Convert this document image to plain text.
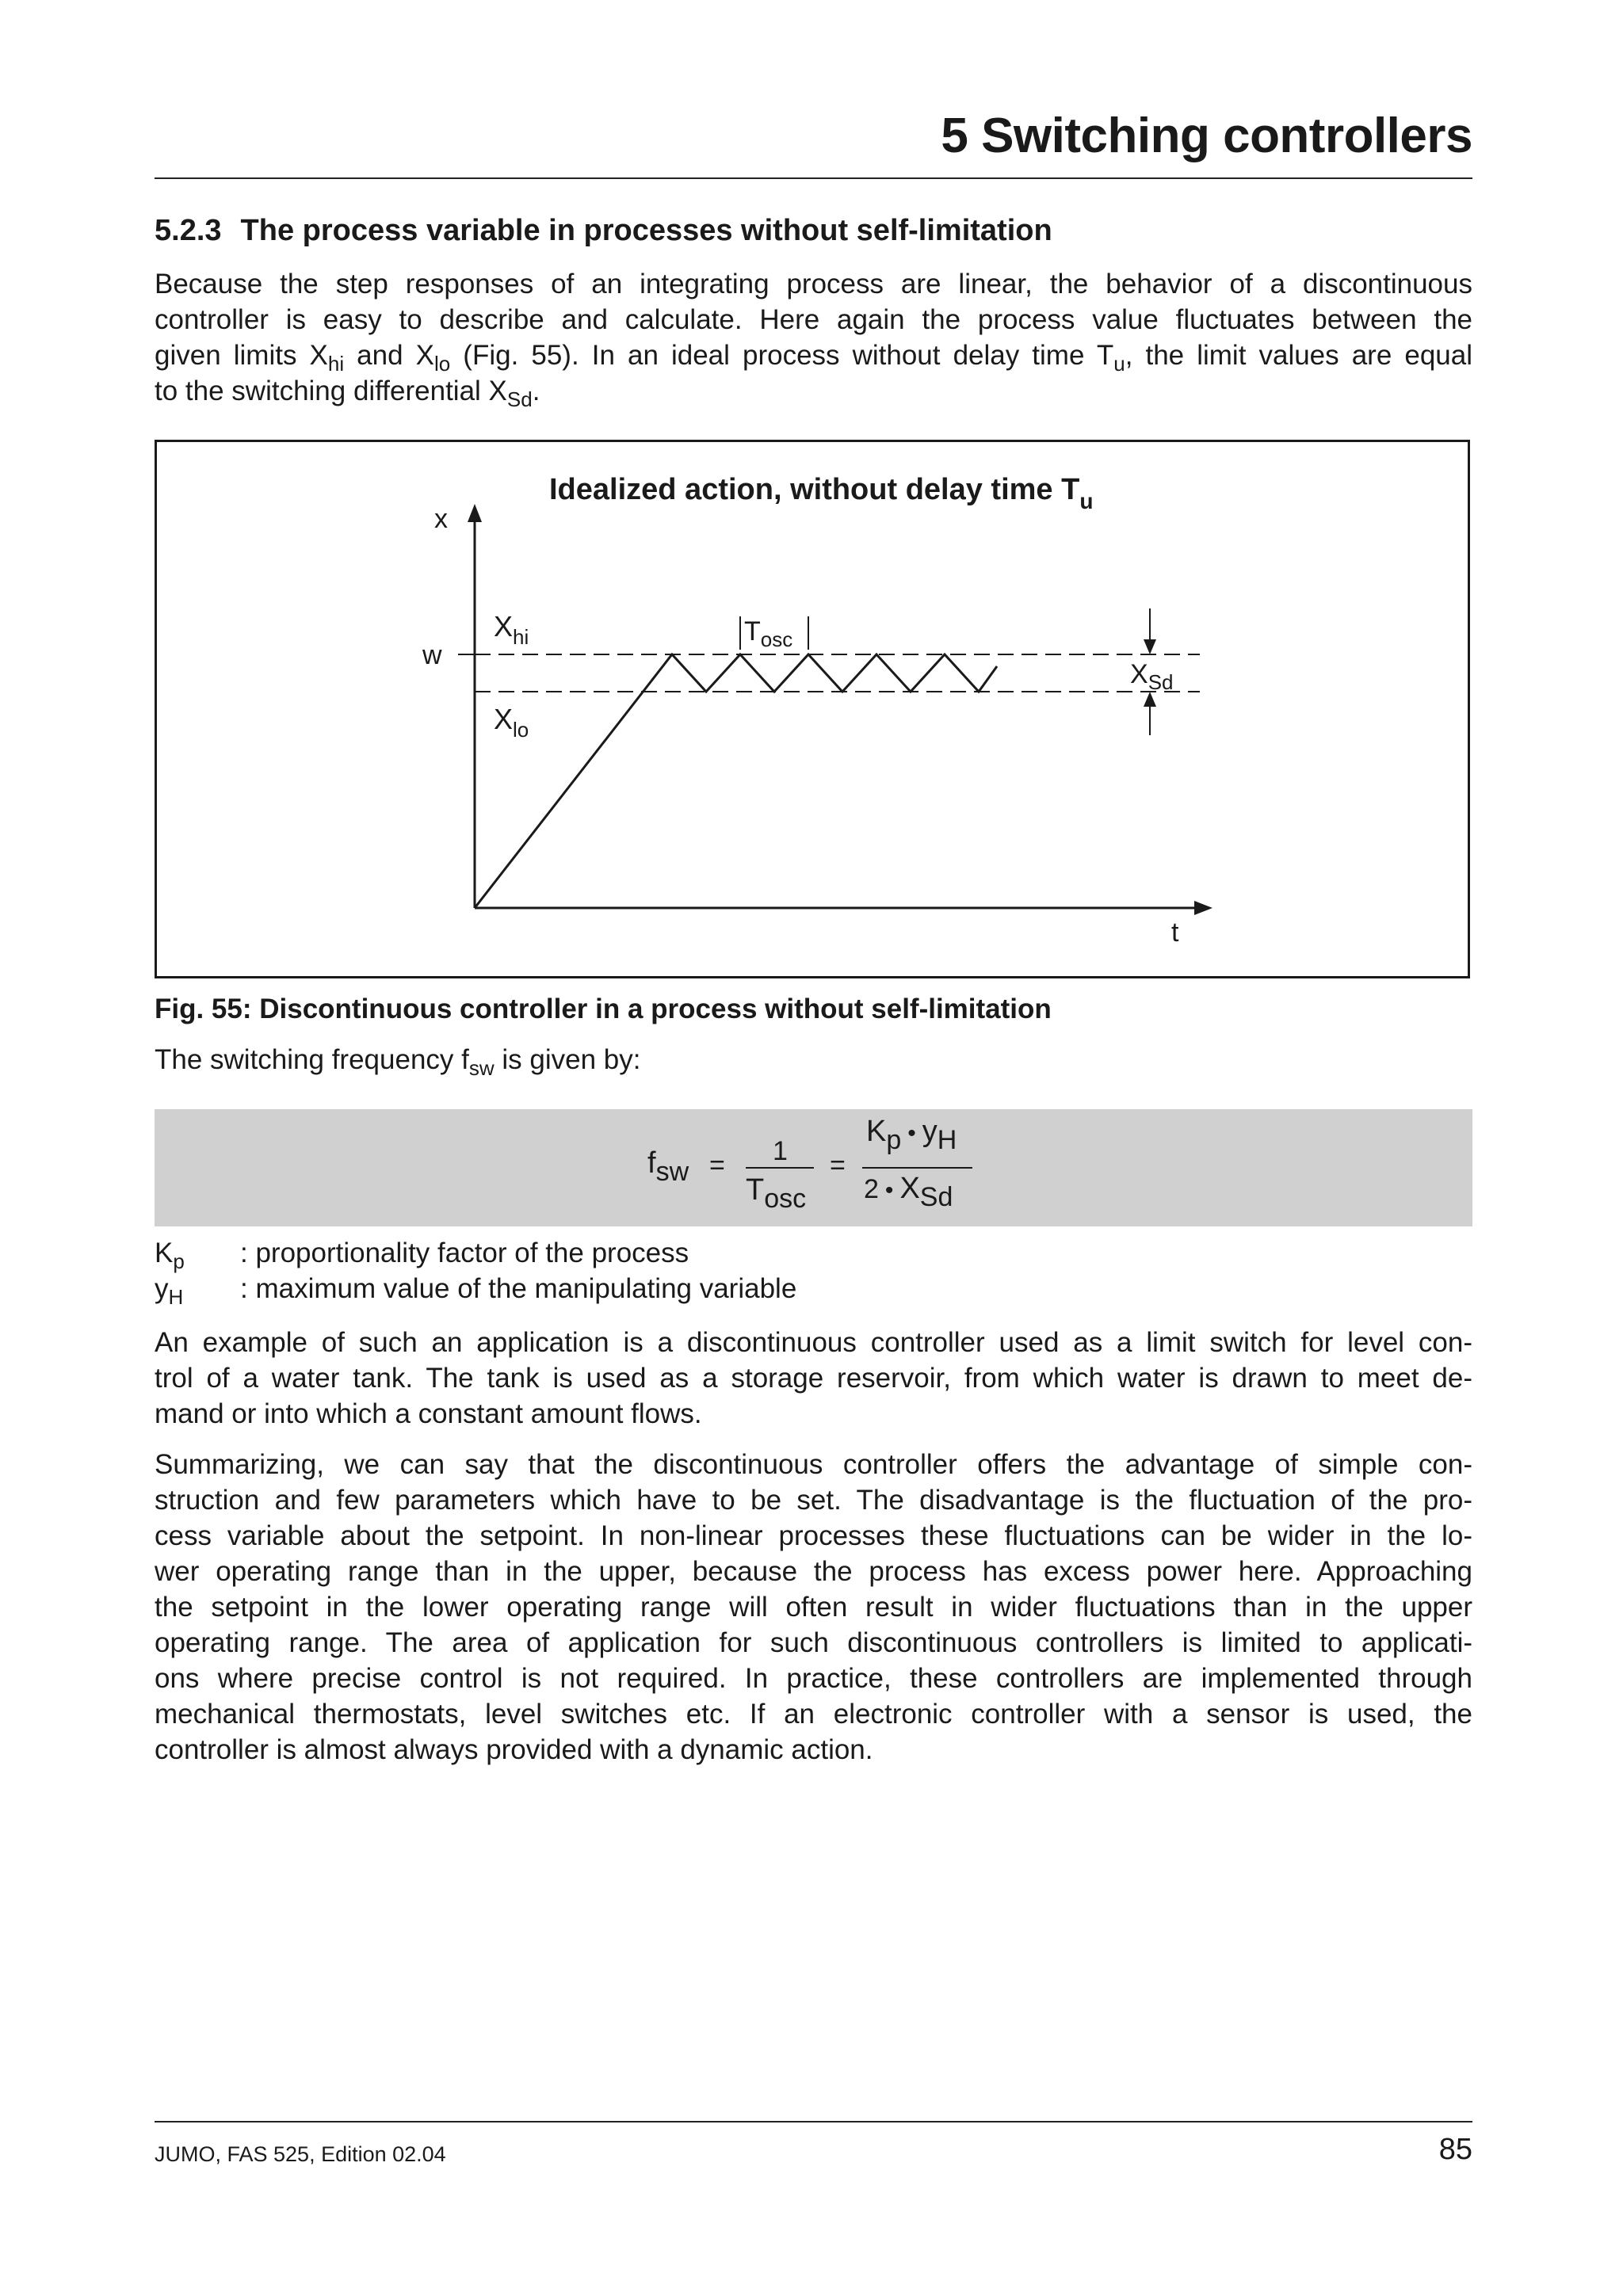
5 Switching controllers
5.2.3 The process variable in processes without self-limitation
Because the step responses of an integrating process are linear, the behavior of a discontinuous
controller is easy to describe and calculate. Here again the process value fluctuates between the
given limits $X_{hi}$ and $X_{lo}$ (Fig. 55). In an ideal process without delay time $T_u$, the limit values are equal
to the switching differential $X_{Sd}$.
Idealized action, without delay time $T_u$
x
t
w
$X_{hi}$
$X_{lo}$
$T_{osc}$
$X_{Sd}$
Fig. 55: Discontinuous controller in a process without self-limitation
The switching frequency $f_{sw}$ is given by:
fsw = 1
Tosc
=
Kp • yH
2 • XSd
$K_p$ : proportionality factor of the process
$y_H$ : maximum value of the manipulating variable
An example of such an application is a discontinuous controller used as a limit switch for level con-
trol of a water tank. The tank is used as a storage reservoir, from which water is drawn to meet de-
mand or into which a constant amount flows.
Summarizing, we can say that the discontinuous controller offers the advantage of simple con-
struction and few parameters which have to be set. The disadvantage is the fluctuation of the pro-
cess variable about the setpoint. In non-linear processes these fluctuations can be wider in the lo-
wer operating range than in the upper, because the process has excess power here. Approaching
the setpoint in the lower operating range will often result in wider fluctuations than in the upper
operating range. The area of application for such discontinuous controllers is limited to applicati-
ons where precise control is not required. In practice, these controllers are implemented through
mechanical thermostats, level switches etc. If an electronic controller with a sensor is used, the
controller is almost always provided with a dynamic action.
JUMO, FAS 525, Edition 02.04	85
